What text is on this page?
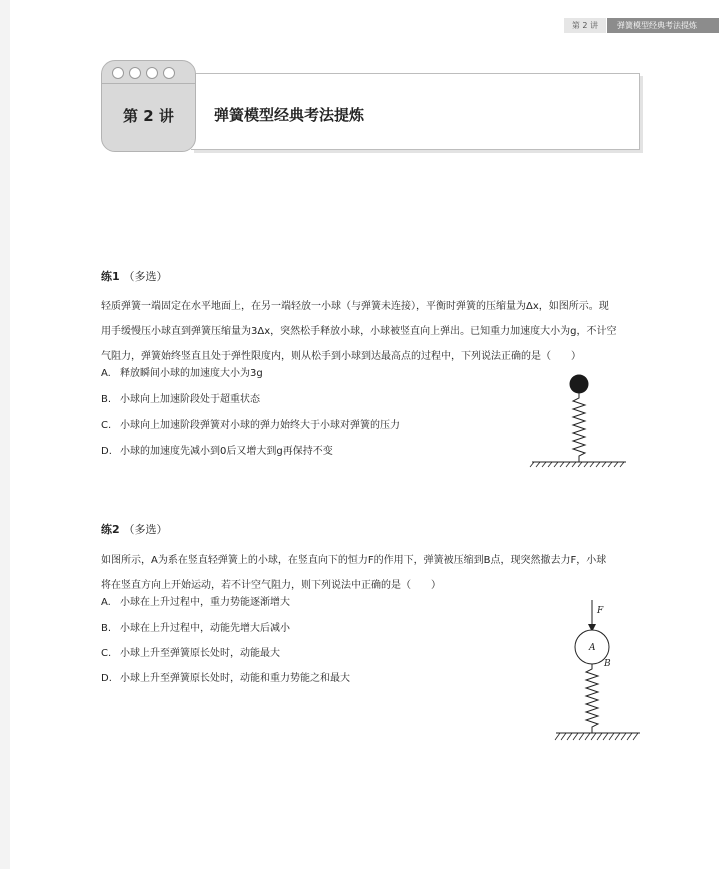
第 2 讲	弹簧模型经典考法提炼
第 2 讲	弹簧模型经典考法提炼
练1 （多选）
轻质弹簧一端固定在水平地面上，在另一端轻放一小球（与弹簧未连接），平衡时弹簧的压缩量为Δx，如图所示。现
用手缓慢压小球直到弹簧压缩量为3Δx，突然松手释放小球，小球被竖直向上弹出。已知重力加速度大小为g，不计空
气阻力，弹簧始终竖直且处于弹性限度内，则从松手到小球到达最高点的过程中，下列说法正确的是（　　）
A. 释放瞬间小球的加速度大小为3g
B. 小球向上加速阶段处于超重状态
C. 小球向上加速阶段弹簧对小球的弹力始终大于小球对弹簧的压力
D. 小球的加速度先减小到0后又增大到g再保持不变
练2 （多选）
如图所示，A为系在竖直轻弹簧上的小球，在竖直向下的恒力F的作用下，弹簧被压缩到B点，现突然撤去力F，小球
将在竖直方向上开始运动，若不计空气阻力，则下列说法中正确的是（　　）
A. 小球在上升过程中，重力势能逐渐增大
B. 小球在上升过程中，动能先增大后减小
C. 小球上升至弹簧原长处时，动能最大
D. 小球上升至弹簧原长处时，动能和重力势能之和最大
F
A
B
